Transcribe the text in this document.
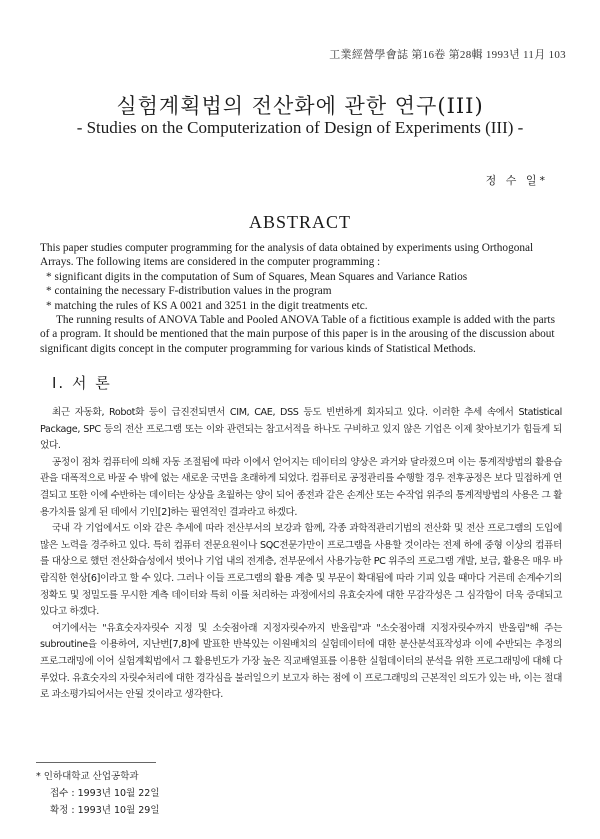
工業經營學會誌 第16卷 第28輯 1993년 11月 103
실험계획법의 전산화에 관한 연구(III)
- Studies on the Computerization of Design of Experiments (III) -
정 수 일*
ABSTRACT

This paper studies computer programming for the analysis of data obtained by experiments using Orthogonal Arrays. The following items are considered in the computer programming :

* significant digits in the computation of Sum of Squares, Mean Squares and Variance Ratios
* containing the necessary F-distribution values in the program
* matching the rules of KS A 0021 and 3251 in the digit treatments etc.

The running results of ANOVA Table and Pooled ANOVA Table of a fictitious example is added with the parts of a program. It should be mentioned that the main purpose of this paper is in the arousing of the discussion about significant digits concept in the computer programming for various kinds of Statistical Methods.

I. 서 론

최근 자동화, Robot화 등이 급진전되면서 CIM, CAE, DSS 등도 빈번하게 회자되고 있다. 이러한 추세 속에서 Statistical Package, SPC 등의 전산 프로그램 또는 이와 관련되는 참고서적을 하나도 구비하고 있지 않은 기업은 이제 찾아보기가 힘들게 되었다.

공정이 점차 컴퓨터에 의해 자동 조절됨에 따라 이에서 얻어지는 데이터의 양상은 과거와 달라졌으며 이는 통계적방법의 활용습관을 대폭적으로 바꿀 수 밖에 없는 새로운 국면을 초래하게 되었다. 컴퓨터로 공정관리를 수행할 경우 전후공정은 보다 밀접하게 연결되고 또한 이에 수반하는 데이터는 상상을 초월하는 양이 되어 종전과 같은 손계산 또는 수작업 위주의 통계적방법의 사용은 그 활용가치를 잃게 된 데에서 기인[2]하는 필연적인 결과라고 하겠다.

국내 각 기업에서도 이와 같은 추세에 따라 전산부서의 보강과 함께, 각종 과학적관리기법의 전산화 및 전산 프로그램의 도입에 많은 노력을 경주하고 있다. 특히 컴퓨터 전문요원이나 SQC전문가만이 프로그램을 사용할 것이라는 전제 하에 중형 이상의 컴퓨터를 대상으로 했던 전산화습성에서 벗어나 기업 내의 전계층, 전부문에서 사용가능한 PC 위주의 프로그램 개발, 보급, 활용은 매우 바람직한 현상[6]이라고 할 수 있다. 그러나 이들 프로그램의 활용 계층 및 부문이 확대됨에 따라 기피 있을 때마다 거른데 손계수기의 정확도 및 정밀도를 무시한 계측 데이터와 특히 이를 처리하는 과정에서의 유효숫자에 대한 무감각성은 그 심각함이 더욱 증대되고 있다고 하겠다.

여기에서는 "유효숫자자릿수 지정 및 소숫점아래 지정자릿수까지 반올림"과 "소숫점아래 지정자릿수까지 반올림"해 주는 subroutine을 이용하여, 지난번[7,8]에 발표한 반복있는 이원배치의 실험데이터에 대한 분산분석표작성과 이에 수반되는 추정의 프로그래밍에 이어 실험계획법에서 그 활용빈도가 가장 높은 직교배열표를 이용한 실험데이터의 분석을 위한 프로그래밍에 대해 다루었다. 유효숫자의 자릿수처리에 대한 경각심을 불러일으키 보고자 하는 점에 이 프로그래밍의 근본적인 의도가 있는 바, 이는 절대로 과소평가되어서는 안될 것이라고 생각한다.

* 인하대학교 산업공학과
접수 : 1993년 10월 22일
확정 : 1993년 10월 29일
